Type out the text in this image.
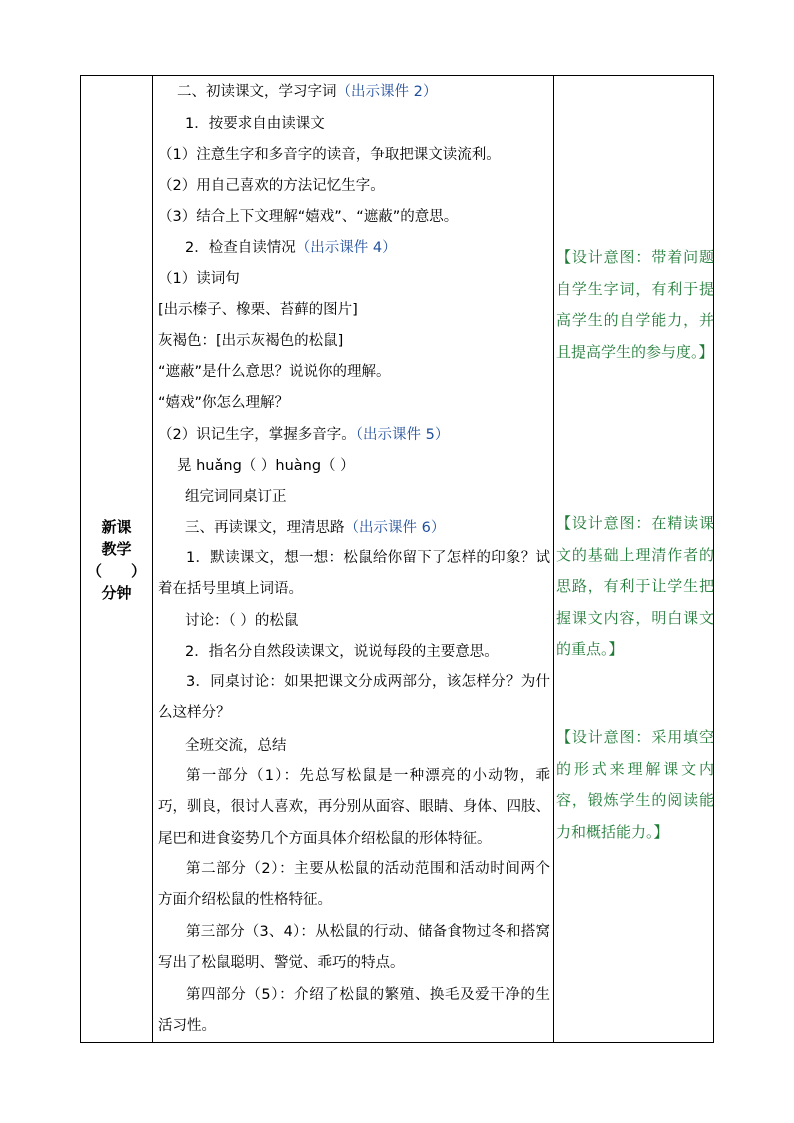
新课
教学
（ ）
分钟
二、初读课文，学习字词（出示课件 2）
1．按要求自由读课文
（1）注意生字和多音字的读音，争取把课文读流利。
（2）用自己喜欢的方法记忆生字。
（3）结合上下文理解“嬉戏”、“遮蔽”的意思。
2．检查自读情况（出示课件 4）
（1）读词句
[出示榛子、橡栗、苔藓的图片]
灰褐色：[出示灰褐色的松鼠]
“遮蔽”是什么意思？说说你的理解。
“嬉戏”你怎么理解？
（2）识记生字，掌握多音字。（出示课件 5）
晃 huǎng（ ）huàng（ ）
组完词同桌订正
三、再读课文，理清思路（出示课件 6）
1．默读课文，想一想：松鼠给你留下了怎样的印象？试着在括号里填上词语。
讨论：（ ）的松鼠
2．指名分自然段读课文，说说每段的主要意思。
3．同桌讨论：如果把课文分成两部分，该怎样分？为什么这样分？
全班交流，总结
第一部分（1）：先总写松鼠是一种漂亮的小动物，乖巧，驯良，很讨人喜欢，再分别从面容、眼睛、身体、四肢、尾巴和进食姿势几个方面具体介绍松鼠的形体特征。
第二部分（2）：主要从松鼠的活动范围和活动时间两个方面介绍松鼠的性格特征。
第三部分（3、4）：从松鼠的行动、储备食物过冬和搭窝写出了松鼠聪明、警觉、乖巧的特点。
第四部分（5）：介绍了松鼠的繁殖、换毛及爱干净的生活习性。
【设计意图：带着问题自学生字词，有利于提高学生的自学能力，并且提高学生的参与度。】
【设计意图：在精读课文的基础上理清作者的思路，有利于让学生把握课文内容，明白课文的重点。】
【设计意图：采用填空的形式来理解课文内容，锻炼学生的阅读能力和概括能力。】
